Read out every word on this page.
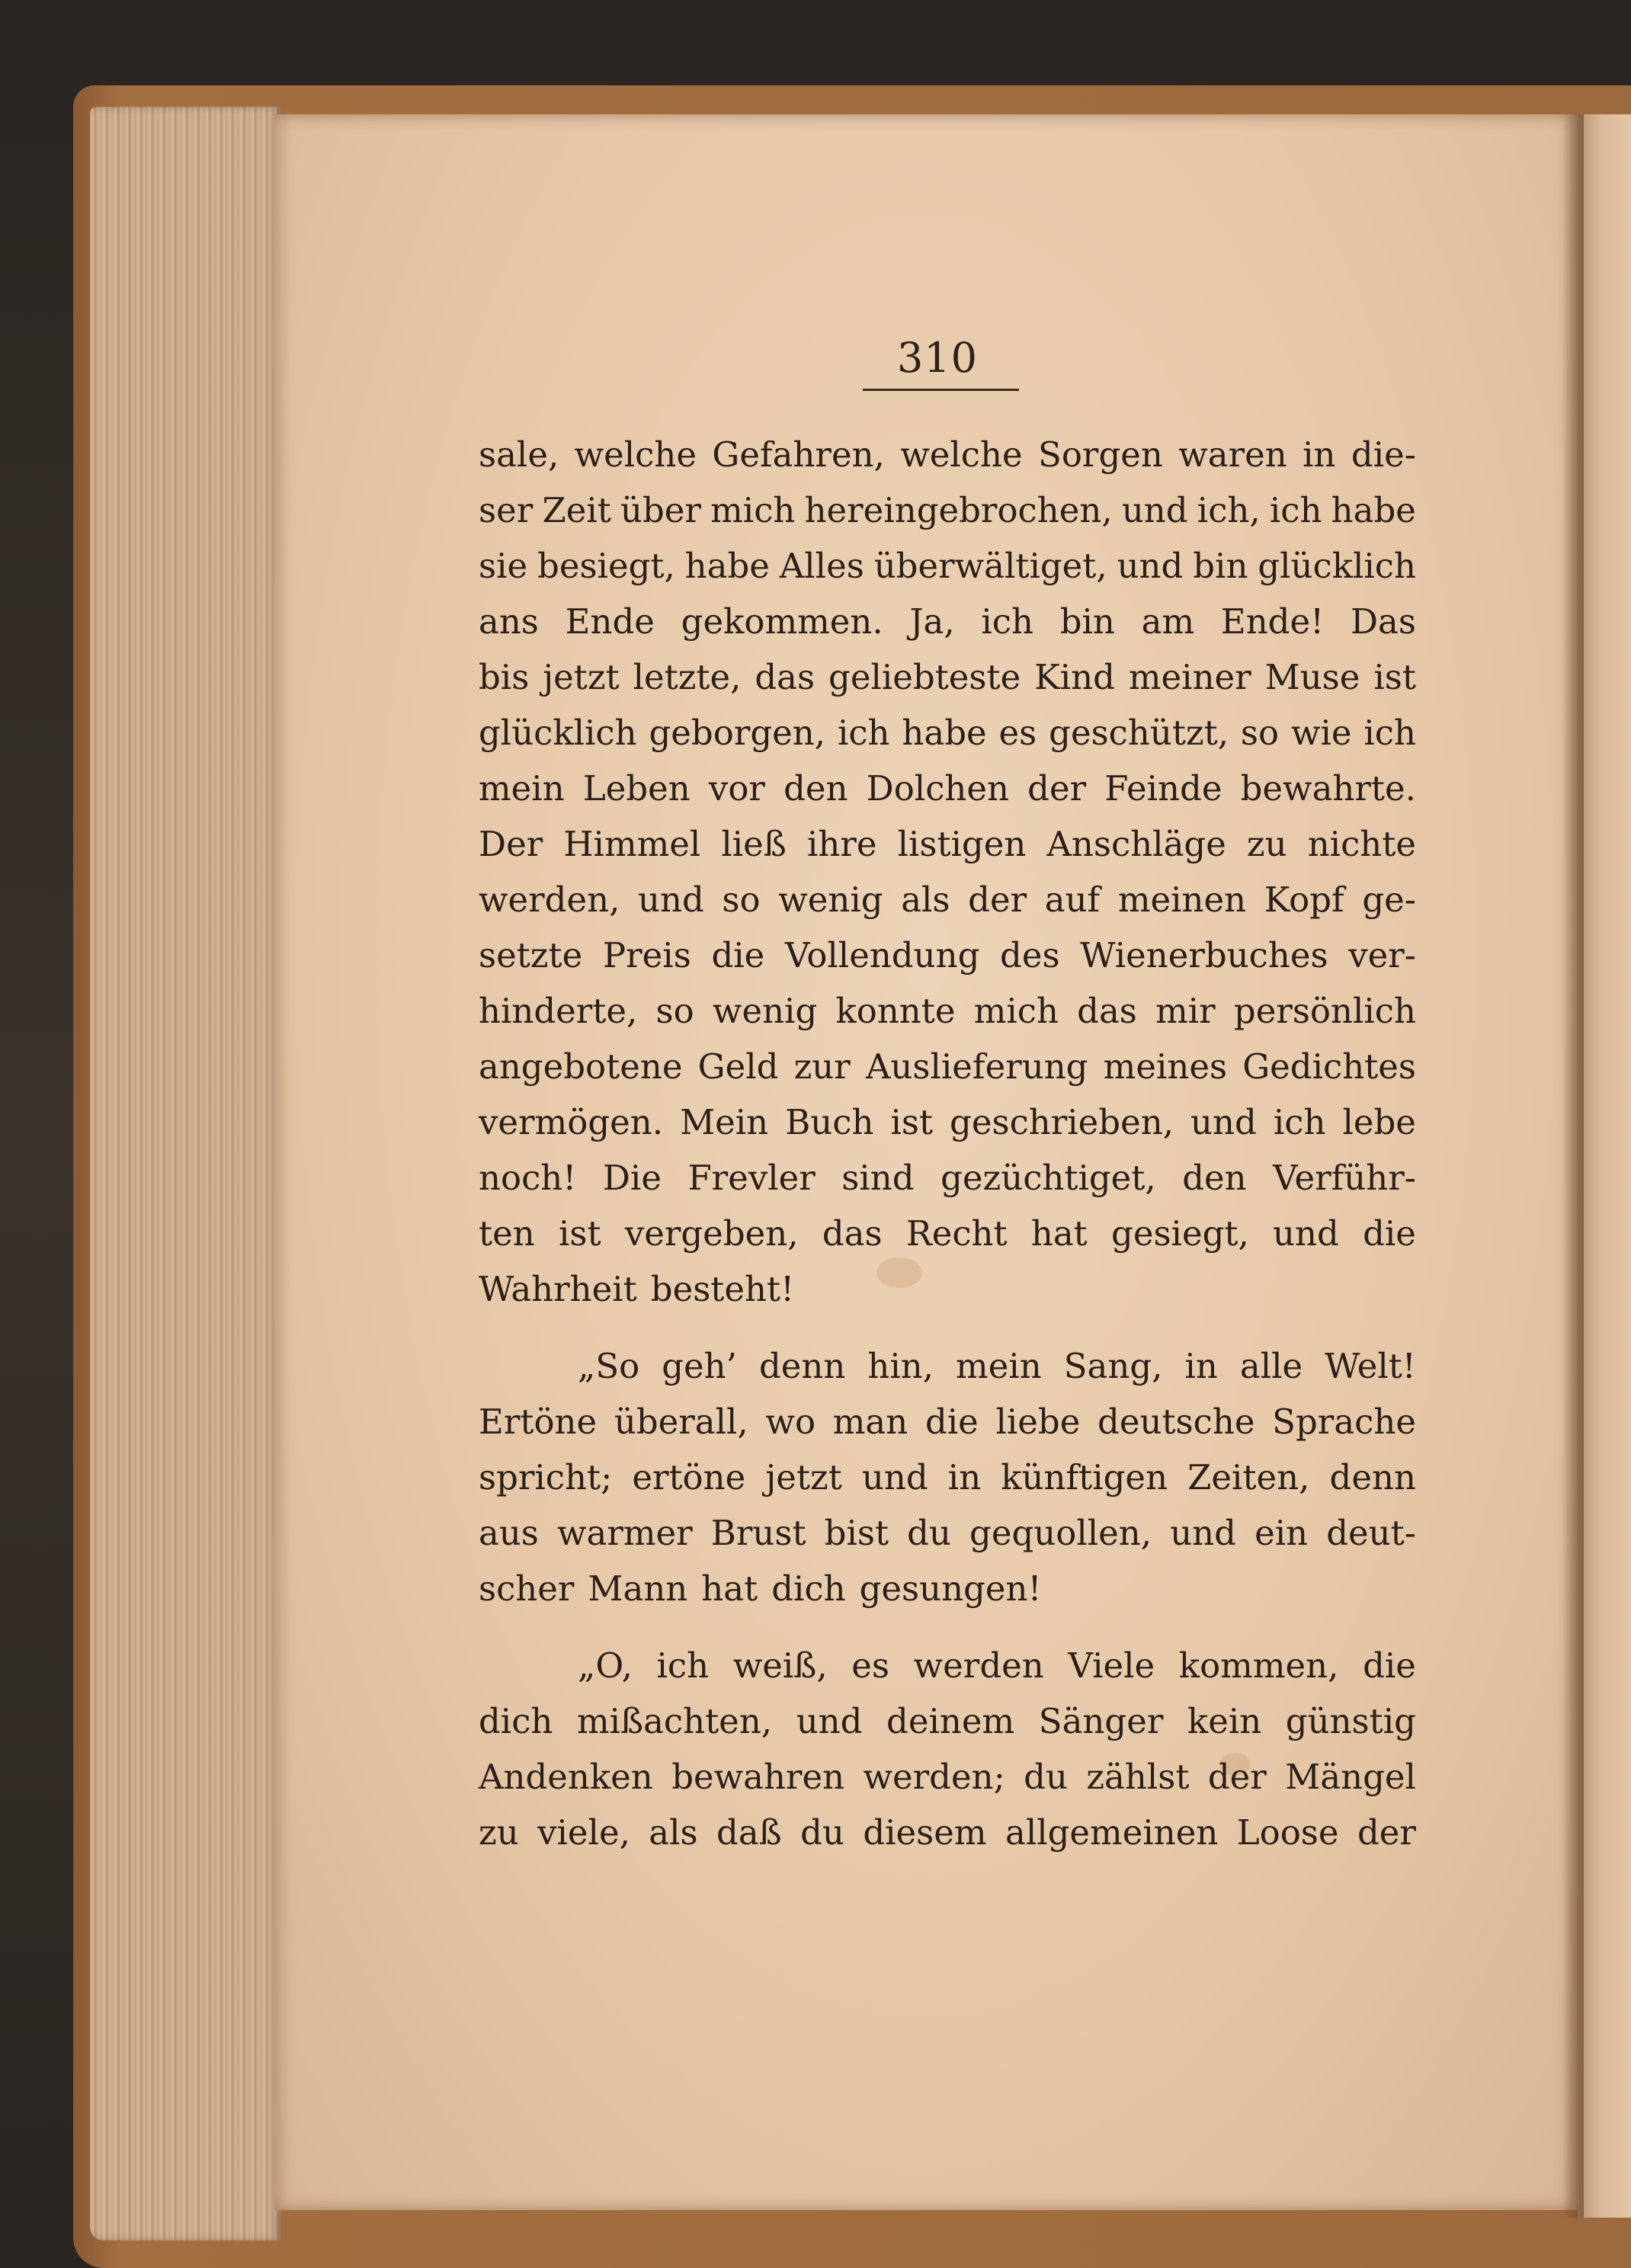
310
sale, welche Gefahren, welche Sorgen waren in die-
ser Zeit über mich hereingebrochen, und ich, ich habe
sie besiegt, habe Alles überwältiget, und bin glücklich
ans Ende gekommen. Ja, ich bin am Ende! Das
bis jetzt letzte, das geliebteste Kind meiner Muse ist
glücklich geborgen, ich habe es geschützt, so wie ich
mein Leben vor den Dolchen der Feinde bewahrte.
Der Himmel ließ ihre listigen Anschläge zu nichte
werden, und so wenig als der auf meinen Kopf ge-
setzte Preis die Vollendung des Wienerbuches ver-
hinderte, so wenig konnte mich das mir persönlich
angebotene Geld zur Auslieferung meines Gedichtes
vermögen. Mein Buch ist geschrieben, und ich lebe
noch! Die Frevler sind gezüchtiget, den Verführ-
ten ist vergeben, das Recht hat gesiegt, und die
Wahrheit besteht!
„So geh’ denn hin, mein Sang, in alle Welt!
Ertöne überall, wo man die liebe deutsche Sprache
spricht; ertöne jetzt und in künftigen Zeiten, denn
aus warmer Brust bist du gequollen, und ein deut-
scher Mann hat dich gesungen!
„O, ich weiß, es werden Viele kommen, die
dich mißachten, und deinem Sänger kein günstig
Andenken bewahren werden; du zählst der Mängel
zu viele, als daß du diesem allgemeinen Loose der
